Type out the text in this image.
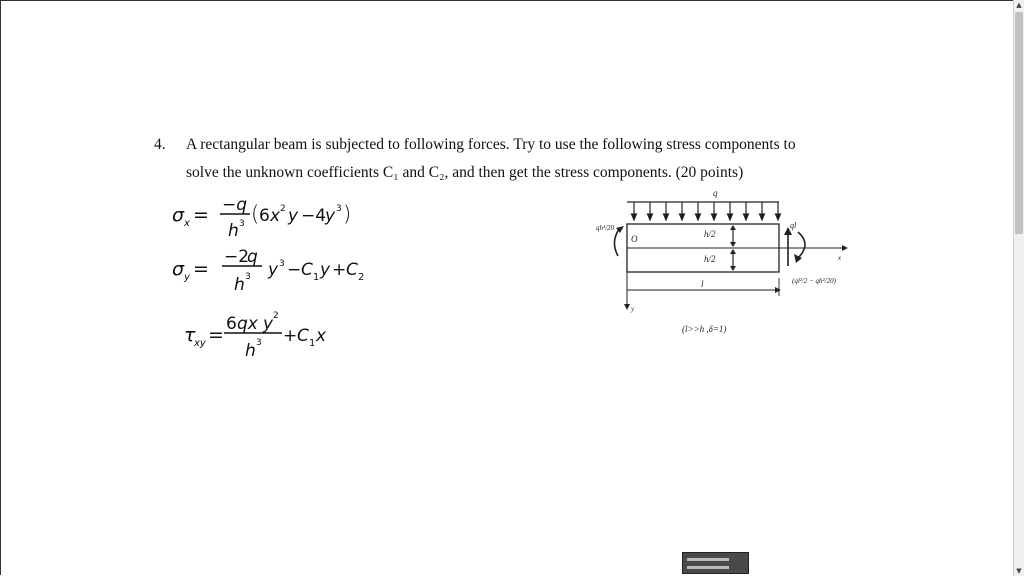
▲
▼
4. A rectangular beam is subjected to following forces. Try to use the following stress components to
solve the unknown coefficients C₁ and C₂, and then get the stress components. (20 points)
σ x = −q
h 3 ( 6 x 2 y −4
y 3 )
σ y =
−2
q
h 3 y 3 − C 1 y + C 2
τ
xy = 6 qx y 2
h 3 + C 1 x
q
O	h/2
h/2
qh²/20	ql
(ql²/2 − qh²/20)
x
y
l
(l>>h ,δ=1)
